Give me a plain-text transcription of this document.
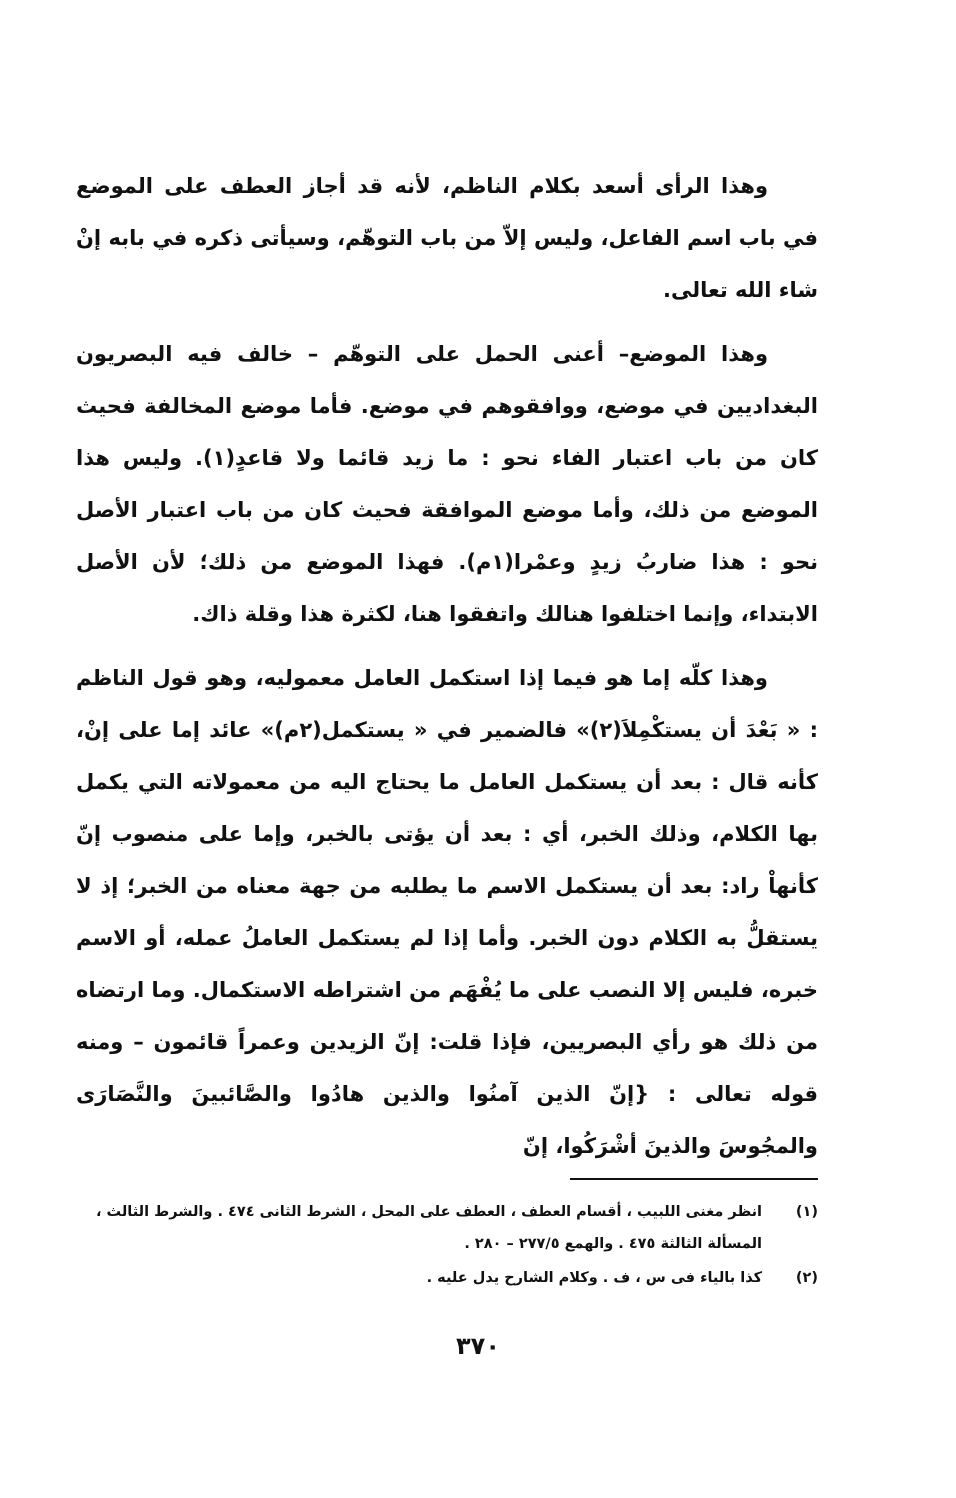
وهذا الرأى أسعد بكلام الناظم، لأنه قد أجاز العطف على الموضع في باب اسم الفاعل، وليس إلاّ من باب التوهّم، وسيأتى ذكره في بابه إنْ شاء الله تعالى.

وهذا الموضع– أعنى الحمل على التوهّم – خالف فيه البصريون البغداديين في موضع، ووافقوهم في موضع. فأما موضع المخالفة فحيث كان من باب اعتبار الفاء نحو : ما زيد قائما ولا قاعدٍ(١). وليس هذا الموضع من ذلك، وأما موضع الموافقة فحيث كان من باب اعتبار الأصل نحو : هذا ضاربُ زيدٍ وعمْرا(١م). فهذا الموضع من ذلك؛ لأن الأصل الابتداء، وإنما اختلفوا هنالك واتفقوا هنا، لكثرة هذا وقلة ذاك.

وهذا كلّه إما هو فيما إذا استكمل العامل معموليه، وهو قول الناظم : « بَعْدَ أن يستكْمِلاَ(٢)» فالضمير في « يستكمل(٢م)» عائد إما على إنْ، كأنه قال : بعد أن يستكمل العامل ما يحتاج اليه من معمولاته التي يكمل بها الكلام، وذلك الخبر، أي : بعد أن يؤتى بالخبر، وإما على منصوب إنّ كأنهاْ راد: بعد أن يستكمل الاسم ما يطلبه من جهة معناه من الخبر؛ إذ لا يستقلُّ به الكلام دون الخبر. وأما إذا لم يستكمل العاملُ عمله، أو الاسم خبره، فليس إلا النصب على ما يُفْهَم من اشتراطه الاستكمال. وما ارتضاه من ذلك هو رأي البصريين، فإذا قلت: إنّ الزيدين وعمراً قائمون – ومنه قوله تعالى : {إنّ الذين آمنُوا والذين هادُوا والصَّائبينَ والنَّصَارَى والمجُوسَ والذينَ أشْرَكُوا، إنّ

(١)
انظر مغنى اللبيب ، أقسام العطف ، العطف على المحل ، الشرط الثانى ٤٧٤ . والشرط الثالث ، المسألة الثالثة ٤٧٥ . والهمع ٢٧٧/٥ – ٢٨٠ .
(٢)
كذا بالياء فى س ، ف . وكلام الشارح يدل عليه .
٣٧٠
